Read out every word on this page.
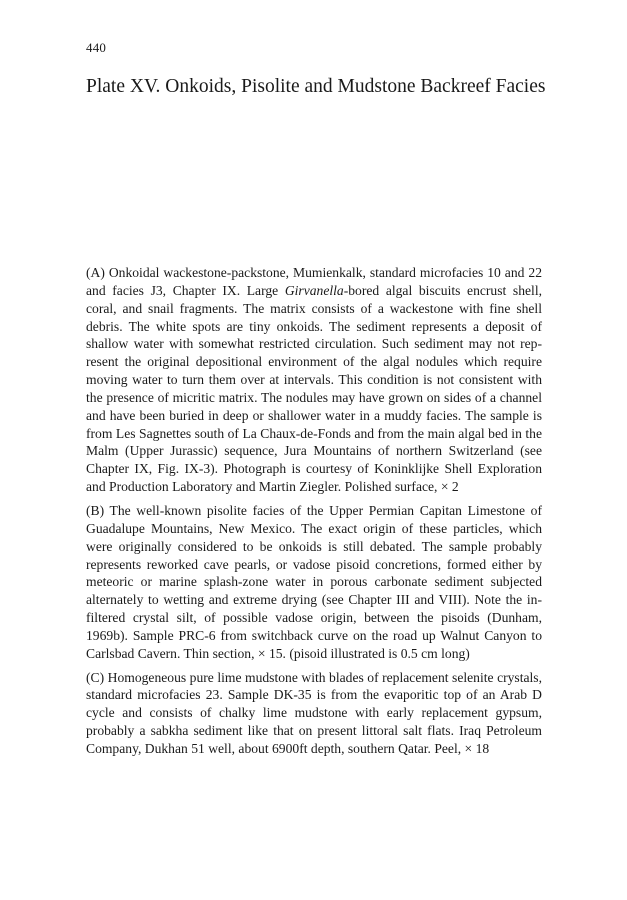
440
Plate XV. Onkoids, Pisolite and Mudstone Backreef Facies

(A) Onkoidal wackestone-packstone, Mumienkalk, standard microfacies 10 and 22 and facies J3, Chapter IX. Large Girvanella-bored algal biscuits encrust shell, coral, and snail fragments. The matrix consists of a wackestone with fine shell debris. The white spots are tiny onkoids. The sediment represents a deposit of shallow water with somewhat restricted circulation. Such sediment may not represent the original depositional environment of the algal nodules which require moving water to turn them over at intervals. This condition is not consistent with the presence of micritic matrix. The nodules may have grown on sides of a channel and have been buried in deep or shallower water in a muddy facies. The sample is from Les Sagnettes south of La Chaux-de-Fonds and from the main algal bed in the Malm (Upper Jurassic) sequence, Jura Mountains of northern Switzerland (see Chapter IX, Fig. IX-3). Photograph is courtesy of Koninklijke Shell Exploration and Production Laboratory and Martin Ziegler. Polished surface, × 2

(B) The well-known pisolite facies of the Upper Permian Capitan Limestone of Guadalupe Mountains, New Mexico. The exact origin of these particles, which were originally considered to be onkoids is still debated. The sample probably represents reworked cave pearls, or vadose pisoid concretions, formed either by meteoric or marine splash-zone water in porous carbonate sediment subjected alternately to wetting and extreme drying (see Chapter III and VIII). Note the infiltered crystal silt, of possible vadose origin, between the pisoids (Dunham, 1969b). Sample PRC-6 from switchback curve on the road up Walnut Canyon to Carlsbad Cavern. Thin section, × 15. (pisoid illustrated is 0.5 cm long)

(C) Homogeneous pure lime mudstone with blades of replacement selenite crystals, standard microfacies 23. Sample DK-35 is from the evaporitic top of an Arab D cycle and consists of chalky lime mudstone with early replacement gypsum, probably a sabkha sediment like that on present littoral salt flats. Iraq Petroleum Company, Dukhan 51 well, about 6900ft depth, southern Qatar. Peel, × 18
